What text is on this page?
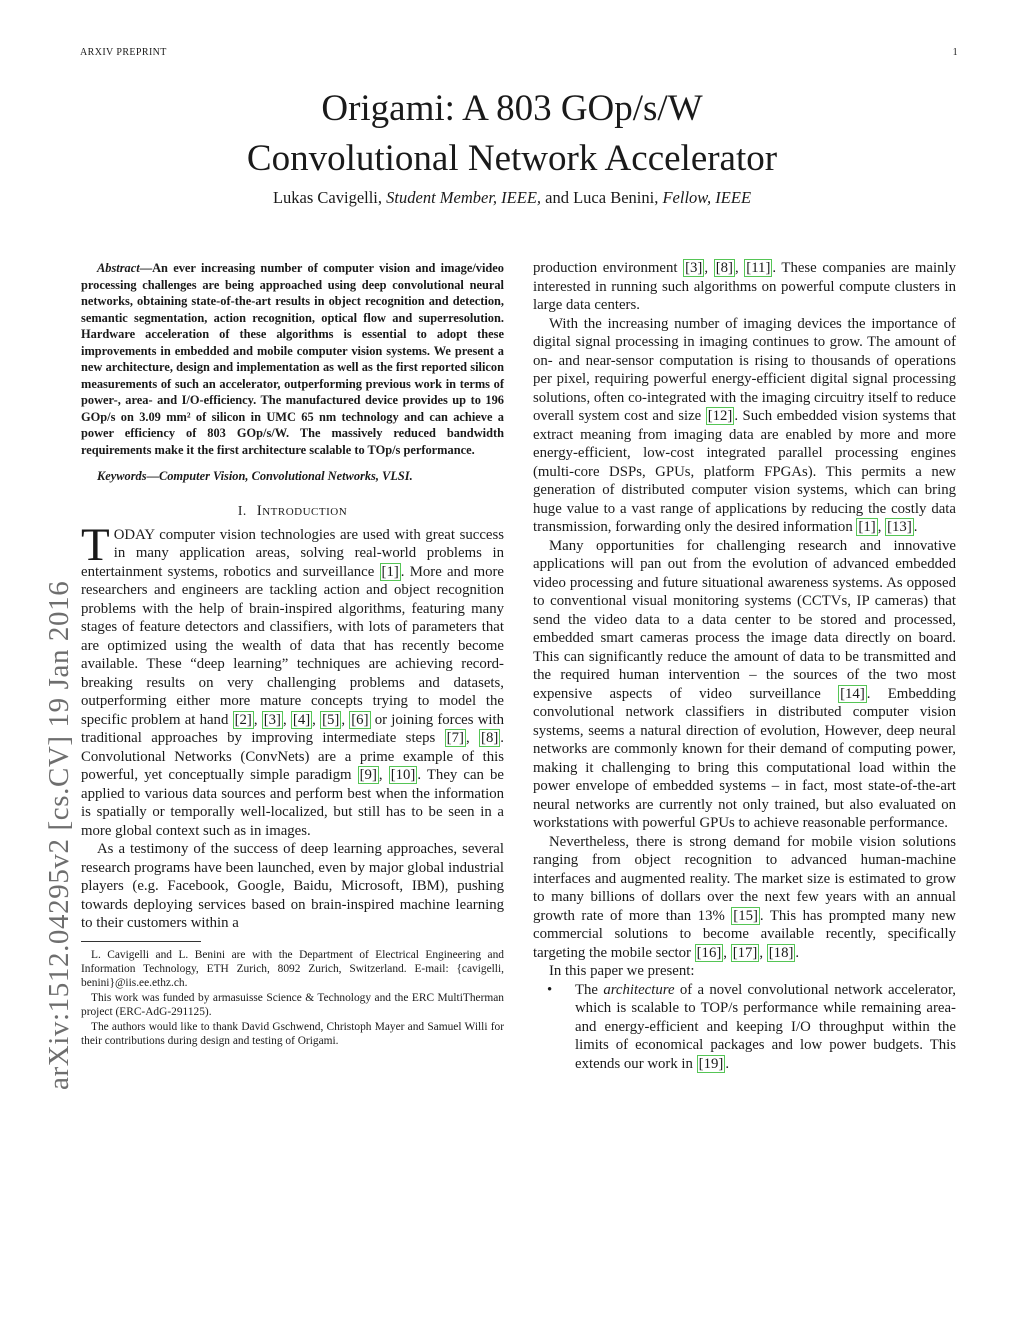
ARXIV PREPRINT	1
Origami: A 803 GOp/s/W
Convolutional Network Accelerator
Lukas Cavigelli, Student Member, IEEE, and Luca Benini, Fellow, IEEE
arXiv:1512.04295v2 [cs.CV] 19 Jan 2016

Abstract—An ever increasing number of computer vision and image/video processing challenges are being approached using deep convolutional neural networks, obtaining state-of-the-art results in object recognition and detection, semantic segmentation, action recognition, optical flow and superresolution. Hardware acceleration of these algorithms is essential to adopt these improvements in embedded and mobile computer vision systems. We present a new architecture, design and implementation as well as the first reported silicon measurements of such an accelerator, outperforming previous work in terms of power-, area- and I/O-efficiency. The manufactured device provides up to 196 GOp/s on 3.09 mm² of silicon in UMC 65 nm technology and can achieve a power efficiency of 803 GOp/s/W. The massively reduced bandwidth requirements make it the first architecture scalable to TOp/s performance.

Keywords—Computer Vision, Convolutional Networks, VLSI.

I. Introduction

TODAY computer vision technologies are used with great success in many application areas, solving real-world problems in entertainment systems, robotics and surveillance [1] . More and more researchers and engineers are tackling action and object recognition problems with the help of brain-inspired algorithms, featuring many stages of feature detectors and classifiers, with lots of parameters that are optimized using the wealth of data that has recently become available. These “deep learning” techniques are achieving record-breaking results on very challenging problems and datasets, outperforming either more mature concepts trying to model the specific problem at hand [2] , [3] , [4] , [5] , [6] or joining forces with traditional approaches by improving intermediate steps [7] , [8] . Convolutional Networks (ConvNets) are a prime example of this powerful, yet conceptually simple paradigm [9] , [10] . They can be applied to various data sources and perform best when the information is spatially or temporally well-localized, but still has to be seen in a more global context such as in images.

As a testimony of the success of deep learning approaches, several research programs have been launched, even by major global industrial players (e.g. Facebook, Google, Baidu, Microsoft, IBM), pushing towards deploying services based on brain-inspired machine learning to their customers within a

L. Cavigelli and L. Benini are with the Department of Electrical Engineering and Information Technology, ETH Zurich, 8092 Zurich, Switzerland. E-mail: {cavigelli, benini}@iis.ee.ethz.ch.

This work was funded by armasuisse Science & Technology and the ERC MultiTherman project (ERC-AdG-291125).

The authors would like to thank David Gschwend, Christoph Mayer and Samuel Willi for their contributions during design and testing of Origami.

production environment [3] , [8] , [11] . These companies are mainly interested in running such algorithms on powerful compute clusters in large data centers.

With the increasing number of imaging devices the importance of digital signal processing in imaging continues to grow. The amount of on- and near-sensor computation is rising to thousands of operations per pixel, requiring powerful energy-efficient digital signal processing solutions, often co-integrated with the imaging circuitry itself to reduce overall system cost and size [12] . Such embedded vision systems that extract meaning from imaging data are enabled by more and more energy-efficient, low-cost integrated parallel processing engines (multi-core DSPs, GPUs, platform FPGAs). This permits a new generation of distributed computer vision systems, which can bring huge value to a vast range of applications by reducing the costly data transmission, forwarding only the desired information [1] , [13] .

Many opportunities for challenging research and innovative applications will pan out from the evolution of advanced embedded video processing and future situational awareness systems. As opposed to conventional visual monitoring systems (CCTVs, IP cameras) that send the video data to a data center to be stored and processed, embedded smart cameras process the image data directly on board. This can significantly reduce the amount of data to be transmitted and the required human intervention – the sources of the two most expensive aspects of video surveillance [14] . Embedding convolutional network classifiers in distributed computer vision systems, seems a natural direction of evolution, However, deep neural networks are commonly known for their demand of computing power, making it challenging to bring this computational load within the power envelope of embedded systems – in fact, most state-of-the-art neural networks are currently not only trained, but also evaluated on workstations with powerful GPUs to achieve reasonable performance.

Nevertheless, there is strong demand for mobile vision solutions ranging from object recognition to advanced human-machine interfaces and augmented reality. The market size is estimated to grow to many billions of dollars over the next few years with an annual growth rate of more than 13% [15] . This has prompted many new commercial solutions to become available recently, specifically targeting the mobile sector [16] , [17] , [18] .

In this paper we present:

• The architecture of a novel convolutional network accelerator, which is scalable to TOP/s performance while remaining area- and energy-efficient and keeping I/O throughput within the limits of economical packages and low power budgets. This extends our work in [19] .
